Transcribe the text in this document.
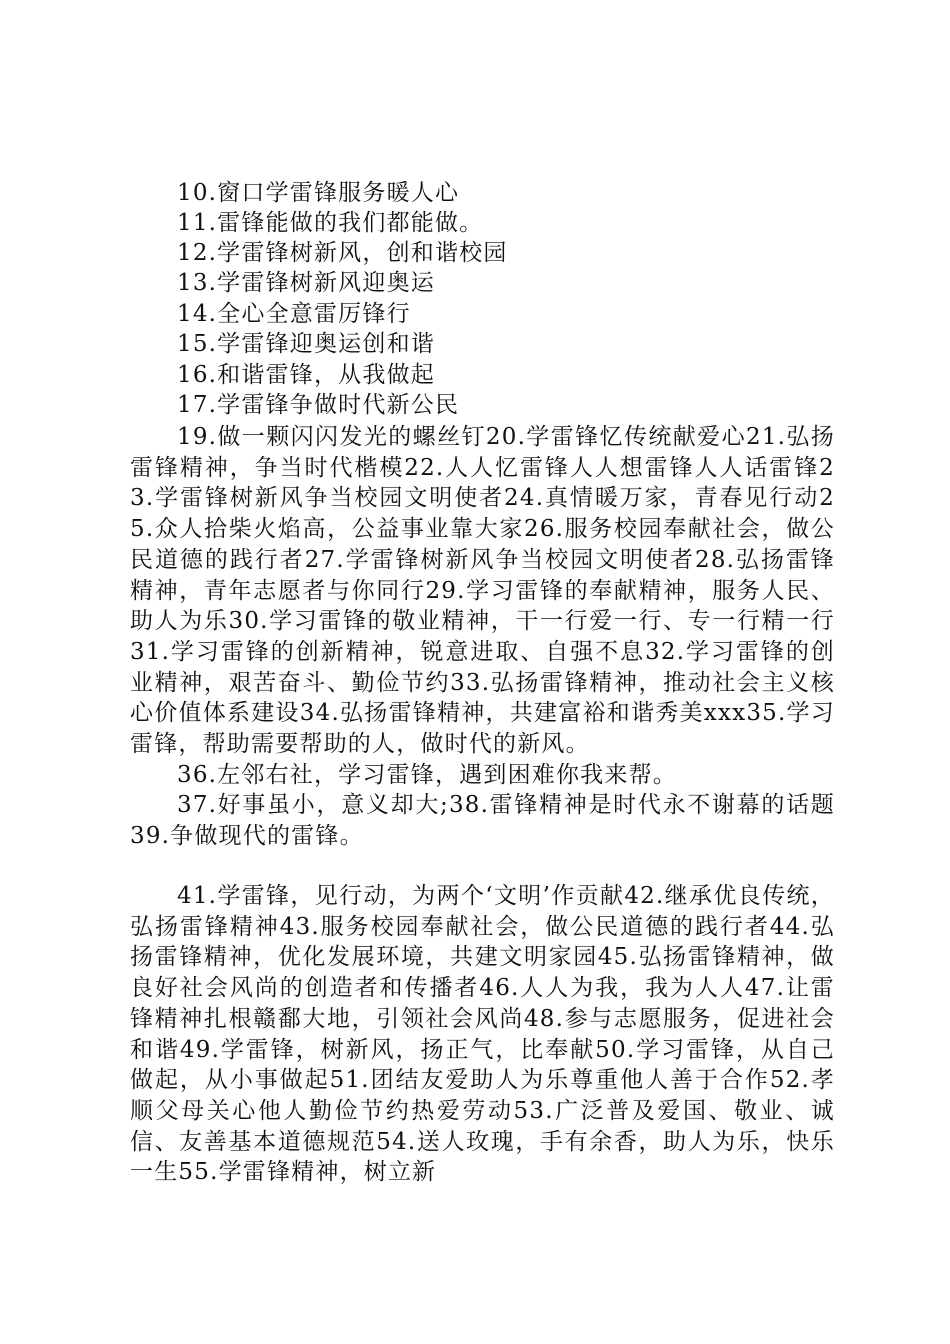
10.窗口学雷锋服务暖人心
11.雷锋能做的我们都能做。
12.学雷锋树新风，创和谐校园
13.学雷锋树新风迎奥运
14.全心全意雷厉锋行
15.学雷锋迎奥运创和谐
16.和谐雷锋，从我做起
17.学雷锋争做时代新公民

19.做一颗闪闪发光的螺丝钉20.学雷锋忆传统献爱心21.弘扬雷锋精神，争当时代楷模22.人人忆雷锋人人想雷锋人人话雷锋23.学雷锋树新风争当校园文明使者24.真情暖万家，青春见行动25.众人拾柴火焰高，公益事业靠大家26.服务校园奉献社会，做公民道德的践行者27.学雷锋树新风争当校园文明使者28.弘扬雷锋精神，青年志愿者与你同行29.学习雷锋的奉献精神，服务人民、助人为乐30.学习雷锋的敬业精神，干一行爱一行、专一行精一行31.学习雷锋的创新精神，锐意进取、自强不息32.学习雷锋的创业精神，艰苦奋斗、勤俭节约33.弘扬雷锋精神，推动社会主义核心价值体系建设34.弘扬雷锋精神，共建富裕和谐秀美xxx35.学习雷锋，帮助需要帮助的人，做时代的新风。

36.左邻右社，学习雷锋，遇到困难你我来帮。

37.好事虽小，意义却大;38.雷锋精神是时代永不谢幕的话题39.争做现代的雷锋。

41.学雷锋，见行动，为两个‘文明’作贡献42.继承优良传统，弘扬雷锋精神43.服务校园奉献社会，做公民道德的践行者44.弘扬雷锋精神，优化发展环境，共建文明家园45.弘扬雷锋精神，做良好社会风尚的创造者和传播者46.人人为我，我为人人47.让雷锋精神扎根赣鄱大地，引领社会风尚48.参与志愿服务，促进社会和谐49.学雷锋，树新风，扬正气，比奉献50.学习雷锋，从自己做起，从小事做起51.团结友爱助人为乐尊重他人善于合作52.孝顺父母关心他人勤俭节约热爱劳动53.广泛普及爱国、敬业、诚信、友善基本道德规范54.送人玫瑰，手有余香，助人为乐，快乐一生55.学雷锋精神，树立新
